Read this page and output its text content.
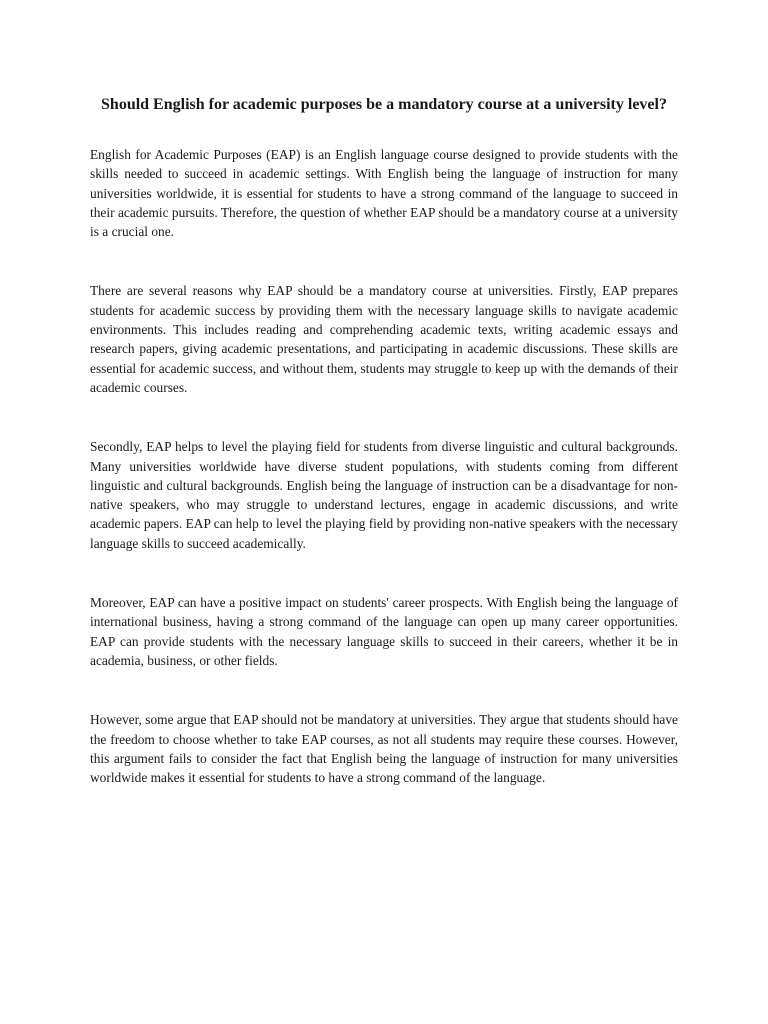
Should English for academic purposes be a mandatory course at a university level?

English for Academic Purposes (EAP) is an English language course designed to provide students with the skills needed to succeed in academic settings. With English being the language of instruction for many universities worldwide, it is essential for students to have a strong command of the language to succeed in their academic pursuits. Therefore, the question of whether EAP should be a mandatory course at a university is a crucial one.

There are several reasons why EAP should be a mandatory course at universities. Firstly, EAP prepares students for academic success by providing them with the necessary language skills to navigate academic environments. This includes reading and comprehending academic texts, writing academic essays and research papers, giving academic presentations, and participating in academic discussions. These skills are essential for academic success, and without them, students may struggle to keep up with the demands of their academic courses.

Secondly, EAP helps to level the playing field for students from diverse linguistic and cultural backgrounds. Many universities worldwide have diverse student populations, with students coming from different linguistic and cultural backgrounds. English being the language of instruction can be a disadvantage for non-native speakers, who may struggle to understand lectures, engage in academic discussions, and write academic papers. EAP can help to level the playing field by providing non-native speakers with the necessary language skills to succeed academically.

Moreover, EAP can have a positive impact on students' career prospects. With English being the language of international business, having a strong command of the language can open up many career opportunities. EAP can provide students with the necessary language skills to succeed in their careers, whether it be in academia, business, or other fields.

However, some argue that EAP should not be mandatory at universities. They argue that students should have the freedom to choose whether to take EAP courses, as not all students may require these courses. However, this argument fails to consider the fact that English being the language of instruction for many universities worldwide makes it essential for students to have a strong command of the language.
